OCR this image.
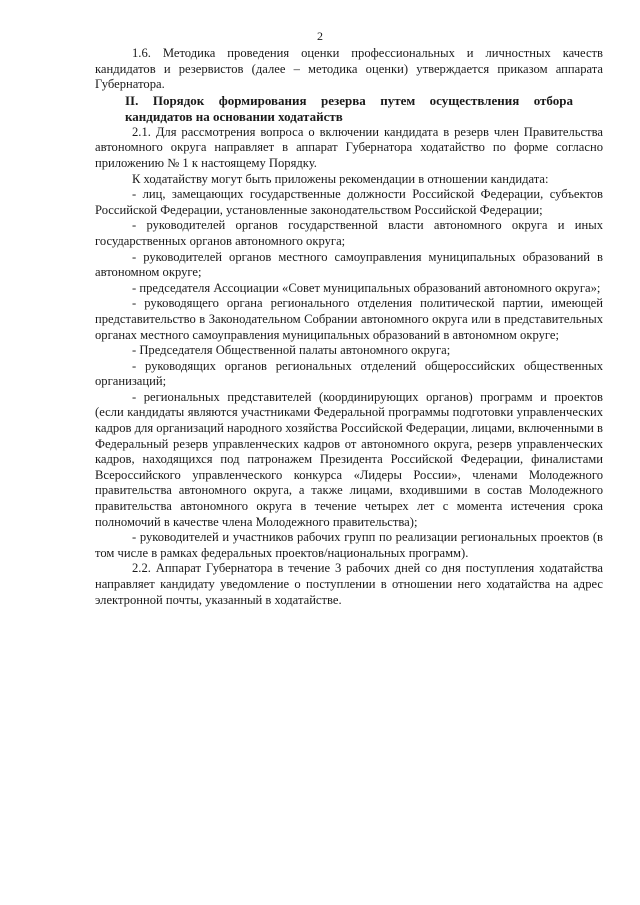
2

1.6. Методика проведения оценки профессиональных и личностных качеств кандидатов и резервистов (далее – методика оценки) утверждается приказом аппарата Губернатора.

II. Порядок формирования резерва путем осуществления отбора кандидатов на основании ходатайств

2.1. Для рассмотрения вопроса о включении кандидата в резерв член Правительства автономного округа направляет в аппарат Губернатора ходатайство по форме согласно приложению № 1 к настоящему Порядку.

К ходатайству могут быть приложены рекомендации в отношении кандидата:

- лиц, замещающих государственные должности Российской Федерации, субъектов Российской Федерации, установленные законодательством Российской Федерации;

- руководителей органов государственной власти автономного округа и иных государственных органов автономного округа;

- руководителей органов местного самоуправления муниципальных образований в автономном округе;

- председателя Ассоциации «Совет муниципальных образований автономного округа»;

- руководящего органа регионального отделения политической партии, имеющей представительство в Законодательном Собрании автономного округа или в представительных органах местного самоуправления муниципальных образований в автономном округе;

- Председателя Общественной палаты автономного округа;

- руководящих органов региональных отделений общероссийских общественных организаций;

- региональных представителей (координирующих органов) программ и проектов (если кандидаты являются участниками Федеральной программы подготовки управленческих кадров для организаций народного хозяйства Российской Федерации, лицами, включенными в Федеральный резерв управленческих кадров от автономного округа, резерв управленческих кадров, находящихся под патронажем Президента Российской Федерации, финалистами Всероссийского управленческого конкурса «Лидеры России», членами Молодежного правительства автономного округа, а также лицами, входившими в состав Молодежного правительства автономного округа в течение четырех лет с момента истечения срока полномочий в качестве члена Молодежного правительства);

- руководителей и участников рабочих групп по реализации региональных проектов (в том числе в рамках федеральных проектов/национальных программ).

2.2. Аппарат Губернатора в течение 3 рабочих дней со дня поступления ходатайства направляет кандидату уведомление о поступлении в отношении него ходатайства на адрес электронной почты, указанный в ходатайстве.
